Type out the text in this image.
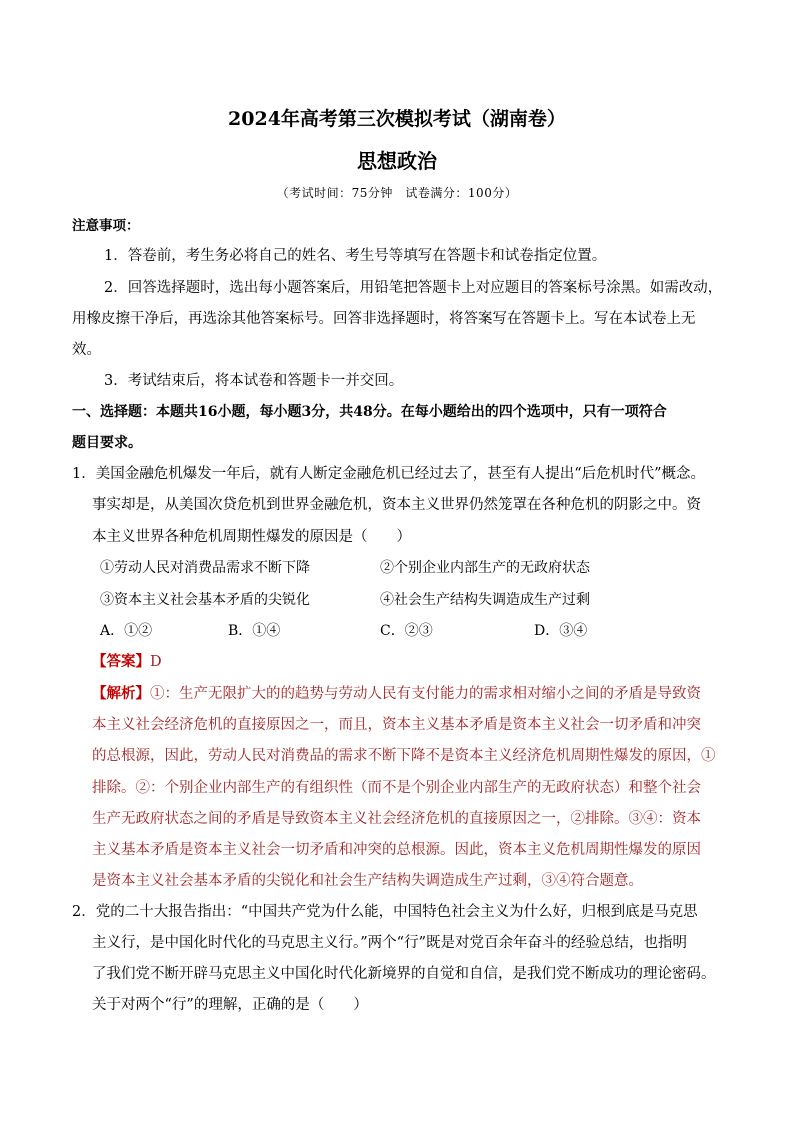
2024年高考第三次模拟考试（湖南卷）
思想政治
（考试时间：75分钟　试卷满分：100分）
注意事项：
1．答卷前，考生务必将自己的姓名、考生号等填写在答题卡和试卷指定位置。
2．回答选择题时，选出每小题答案后，用铅笔把答题卡上对应题目的答案标号涂黑。如需改动，
用橡皮擦干净后，再选涂其他答案标号。回答非选择题时，将答案写在答题卡上。写在本试卷上无
效。
3．考试结束后，将本试卷和答题卡一并交回。
一、选择题：本题共16小题，每小题3分，共48分。在每小题给出的四个选项中，只有一项符合
题目要求。
1．美国金融危机爆发一年后，就有人断定金融危机已经过去了，甚至有人提出“后危机时代”概念。
事实却是，从美国次贷危机到世界金融危机，资本主义世界仍然笼罩在各种危机的阴影之中。资
本主义世界各种危机周期性爆发的原因是（　　）
①劳动人民对消费品需求不断下降	②个别企业内部生产的无政府状态
③资本主义社会基本矛盾的尖锐化	④社会生产结构失调造成生产过剩
A．①②	B．①④	C．②③	D．③④
【答案】D
【解析】①：生产无限扩大的的趋势与劳动人民有支付能力的需求相对缩小之间的矛盾是导致资
本主义社会经济危机的直接原因之一，而且，资本主义基本矛盾是资本主义社会一切矛盾和冲突
的总根源，因此，劳动人民对消费品的需求不断下降不是资本主义经济危机周期性爆发的原因，①
排除。②：个别企业内部生产的有组织性（而不是个别企业内部生产的无政府状态）和整个社会
生产无政府状态之间的矛盾是导致资本主义社会经济危机的直接原因之一，②排除。③④：资本
主义基本矛盾是资本主义社会一切矛盾和冲突的总根源。因此，资本主义危机周期性爆发的原因
是资本主义社会基本矛盾的尖锐化和社会生产结构失调造成生产过剩，③④符合题意。
2．党的二十大报告指出：“中国共产党为什么能，中国特色社会主义为什么好，归根到底是马克思
主义行，是中国化时代化的马克思主义行。”两个“行”既是对党百余年奋斗的经验总结，也指明
了我们党不断开辟马克思主义中国化时代化新境界的自觉和自信，是我们党不断成功的理论密码。
关于对两个“行”的理解，正确的是（　　）
